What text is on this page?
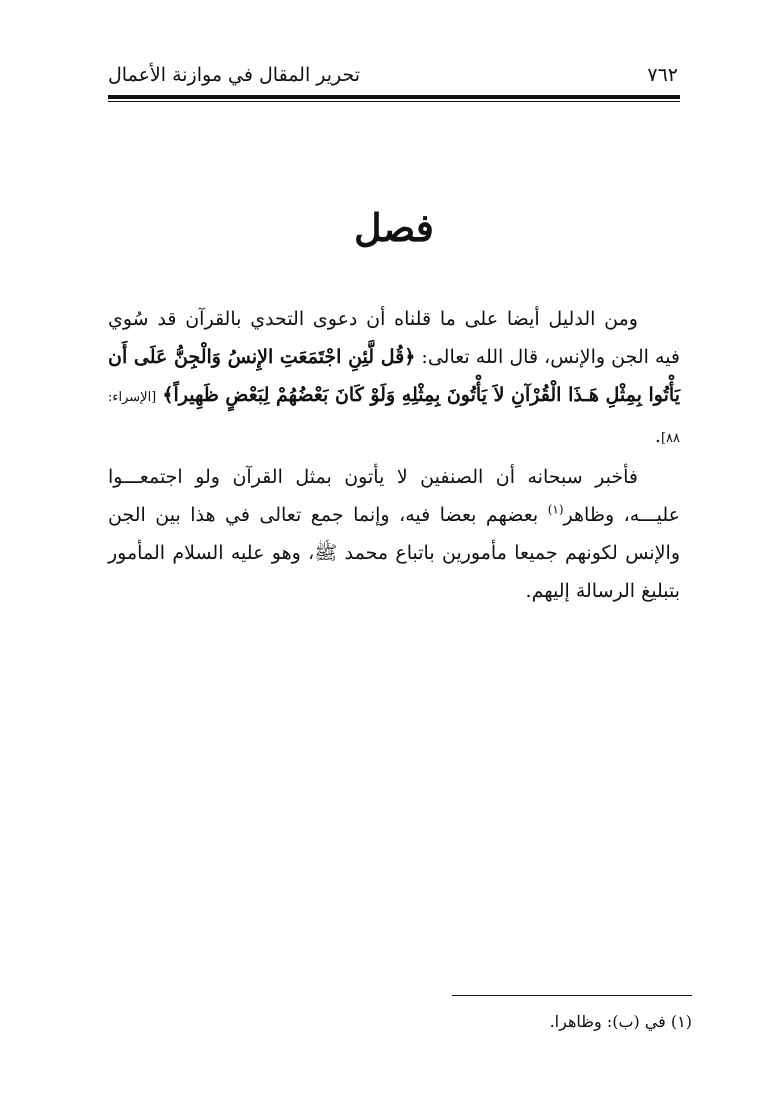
تحرير المقال في موازنة الأعمال	٧٦٢
فصل

ومن الدليل أيضا على ما قلناه أن دعوى التحدي بالقرآن قد سُوي فيه الجن والإنس، قال الله تعالى: ﴿قُل لَّئِنِ اجْتَمَعَتِ الإِنسُ وَالْجِنُّ عَلَى أَن يَأْتُوا بِمِثْلِ هَـذَا الْقُرْآنِ لاَ يَأْتُونَ بِمِثْلِهِ وَلَوْ كَانَ بَعْضُهُمْ لِبَعْضٍ ظَهِيراً﴾ [الإسراء: ٨٨].

فأخبر سبحانه أن الصنفين لا يأتون بمثل القرآن ولو اجتمعـــوا عليـــه، وظاهر$^{(١)}$ بعضهم بعضا فيه، وإنما جمع تعالى في هذا بين الجن والإنس لكونهم جميعا مأمورين باتباع محمد ﷺ، وهو عليه السلام المأمور بتبليغ الرسالة إليهم.

(١) في (ب): وظاهرا.
